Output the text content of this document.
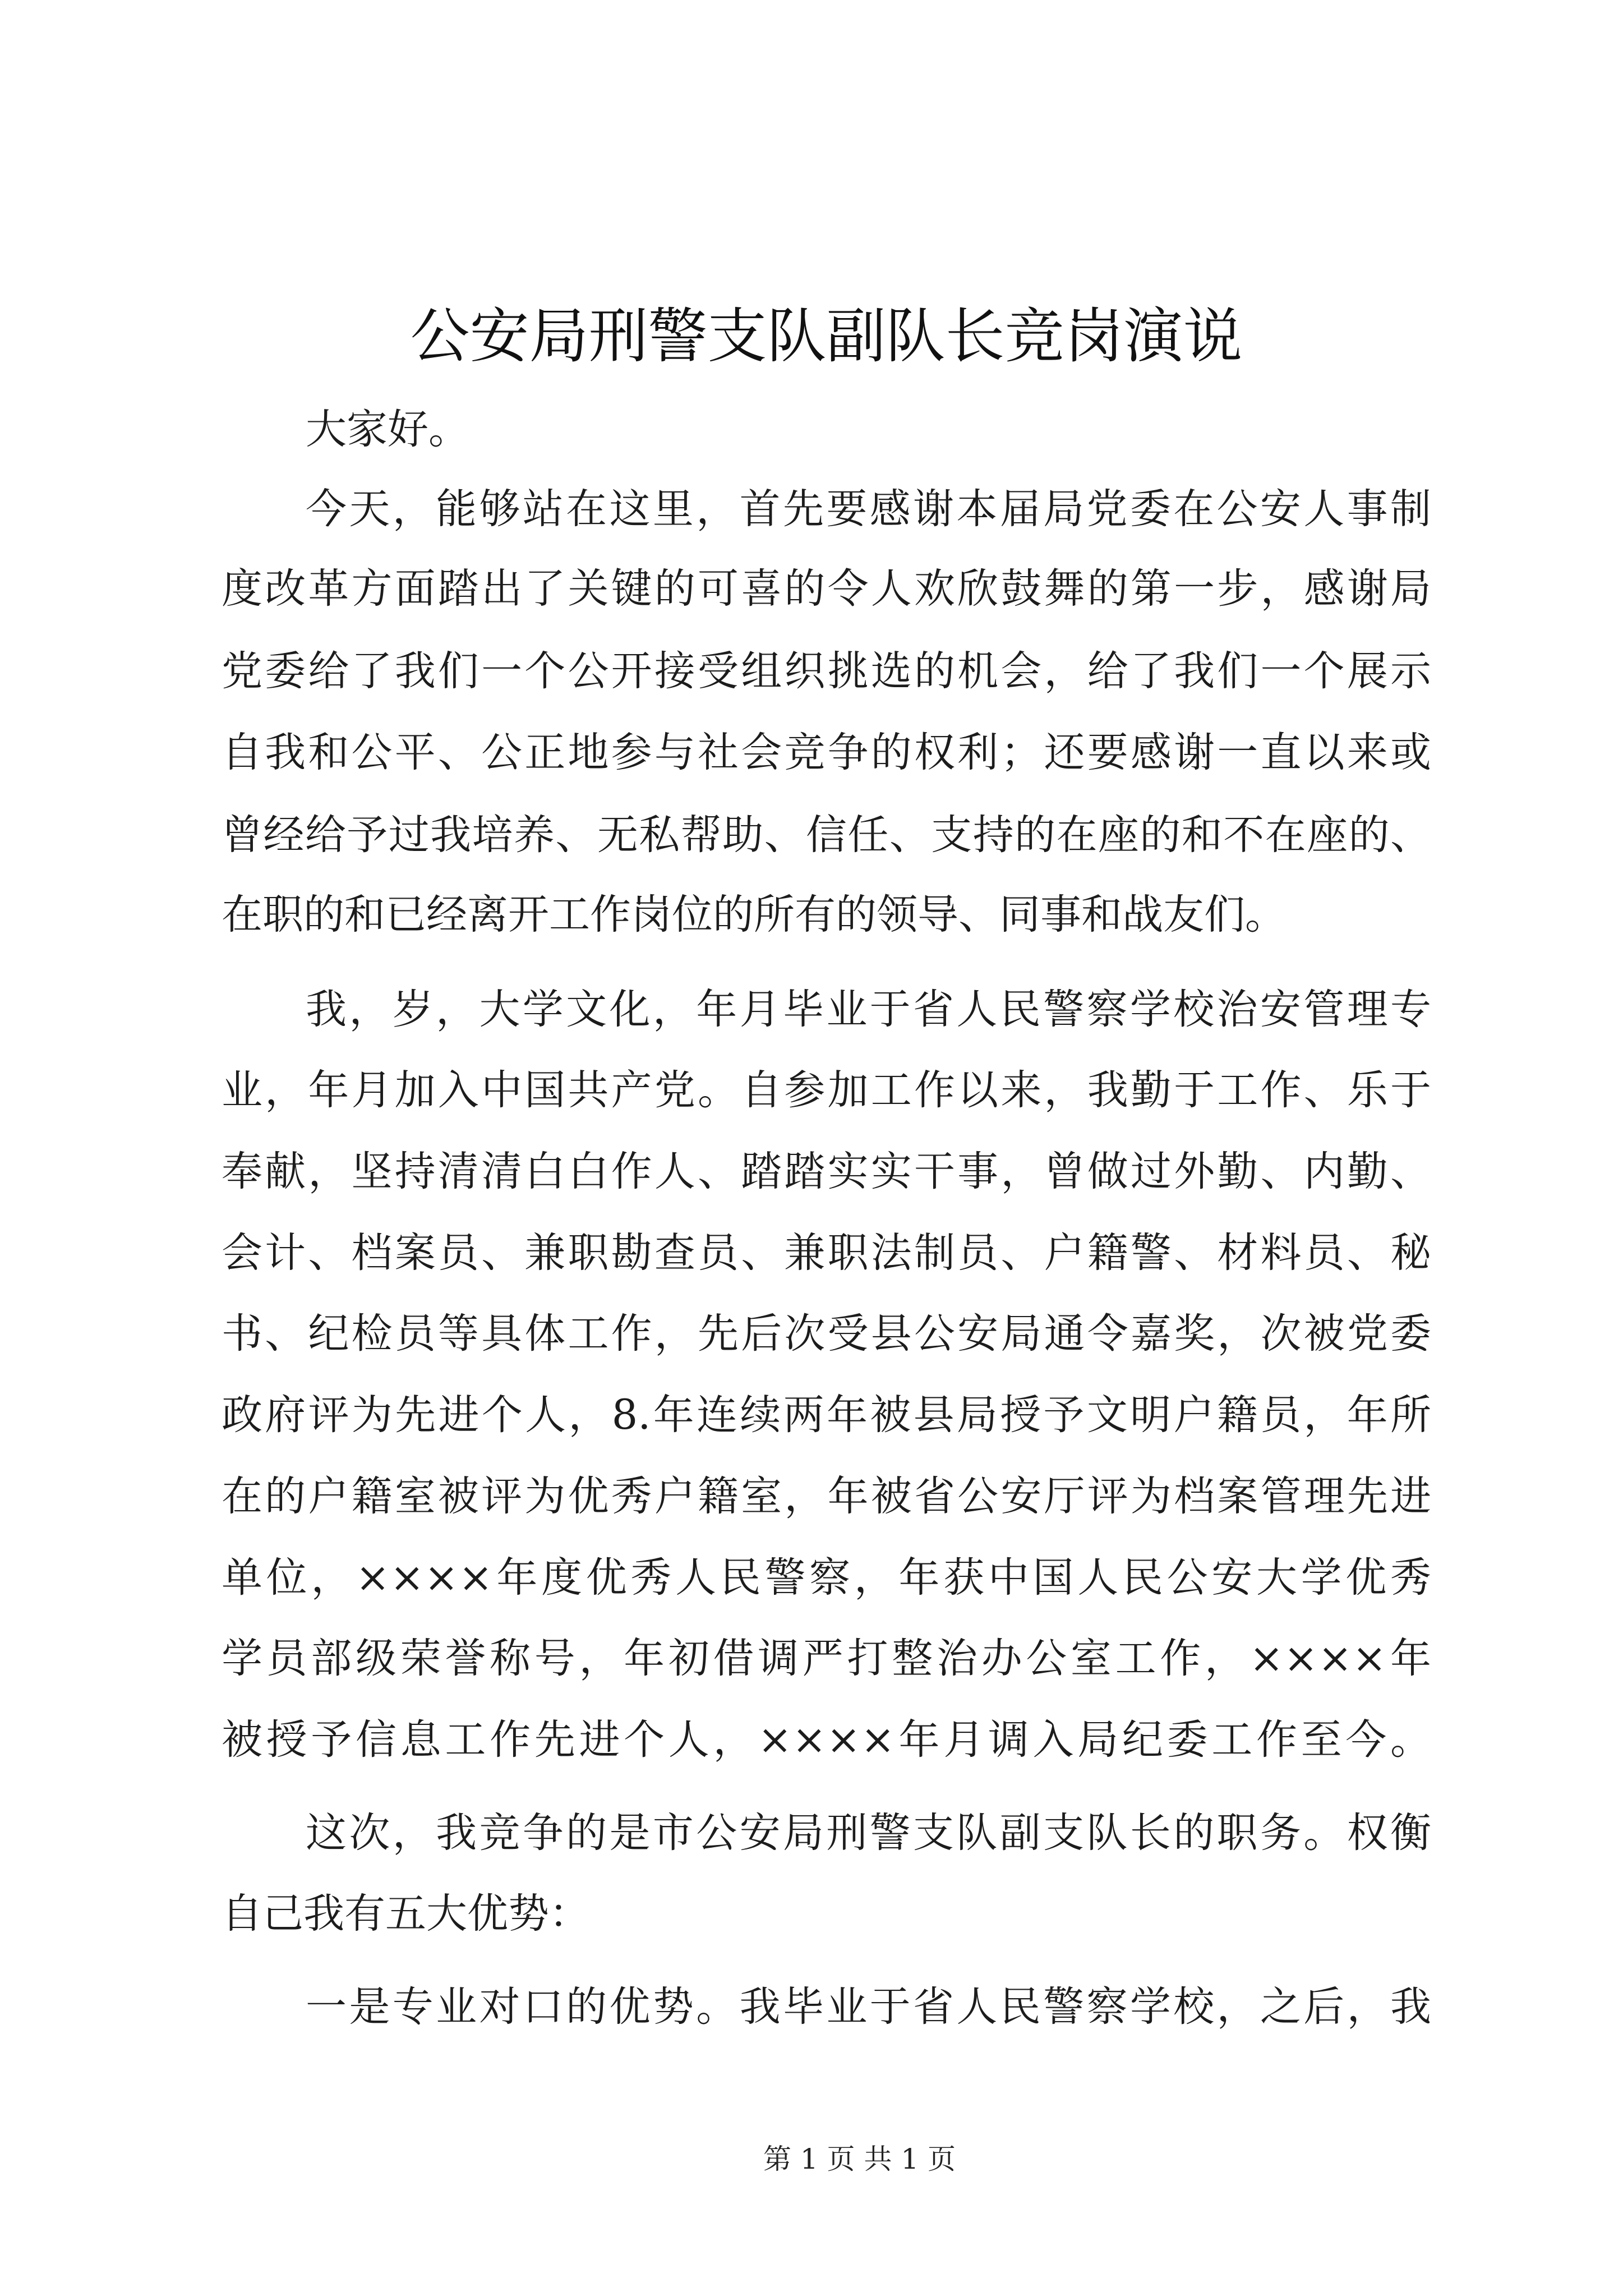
公安局刑警支队副队长竞岗演说
大家好。
今天，能够站在这里，首先要感谢本届局党委在公安人事制
度改革方面踏出了关键的可喜的令人欢欣鼓舞的第一步，感谢局
党委给了我们一个公开接受组织挑选的机会，给了我们一个展示
自我和公平、公正地参与社会竞争的权利；还要感谢一直以来或
曾经给予过我培养、无私帮助、信任、支持的在座的和不在座的、
在职的和已经离开工作岗位的所有的领导、同事和战友们。
我，岁，大学文化，年月毕业于省人民警察学校治安管理专
业，年月加入中国共产党。自参加工作以来，我勤于工作、乐于
奉献，坚持清清白白作人、踏踏实实干事，曾做过外勤、内勤、
会计、档案员、兼职勘查员、兼职法制员、户籍警、材料员、秘
书、纪检员等具体工作，先后次受县公安局通令嘉奖，次被党委
政府评为先进个人，8.年连续两年被县局授予文明户籍员，年所
在的户籍室被评为优秀户籍室，年被省公安厅评为档案管理先进
单位，××××年度优秀人民警察，年获中国人民公安大学优秀
学员部级荣誉称号，年初借调严打整治办公室工作，××××年
被授予信息工作先进个人，××××年月调入局纪委工作至今。
这次，我竞争的是市公安局刑警支队副支队长的职务。权衡
自己我有五大优势：
一是专业对口的优势。我毕业于省人民警察学校，之后，我
第 1 页 共 1 页
